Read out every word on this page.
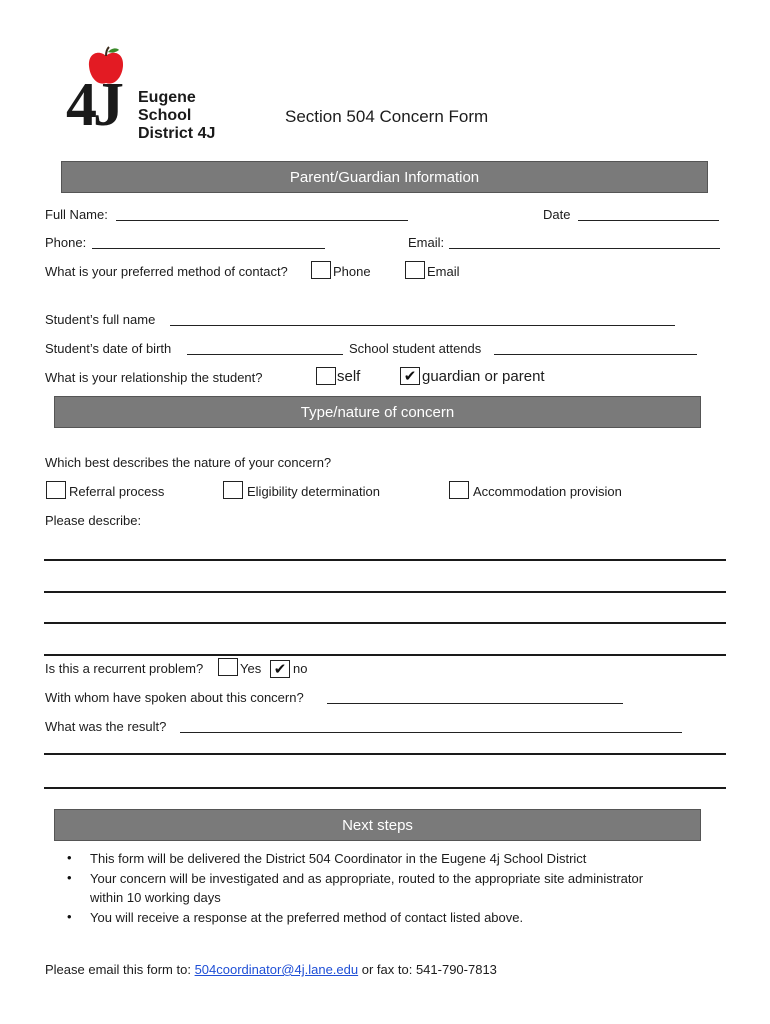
4J Eugene
School
District 4J
Section 504 Concern Form
Parent/Guardian Information
Full Name:	Date
Phone:	Email:
What is your preferred method of contact?	Phone	Email
Student’s full name
Student’s date of birth	School student attends
What is your relationship the student?	self	✔ guardian or parent
Type/nature of concern
Which best describes the nature of your concern?
Referral process	Eligibility determination	Accommodation provision
Please describe:
Is this a recurrent problem?	Yes ✔ no
With whom have spoken about this concern?
What was the result?
Next steps
• This form will be delivered the District 504 Coordinator in the Eugene 4j School District
• Your concern will be investigated and as appropriate, routed to the appropriate site administrator
within 10 working days
• You will receive a response at the preferred method of contact listed above.
Please email this form to: 504coordinator@4j.lane.edu or fax to: 541-790-7813
